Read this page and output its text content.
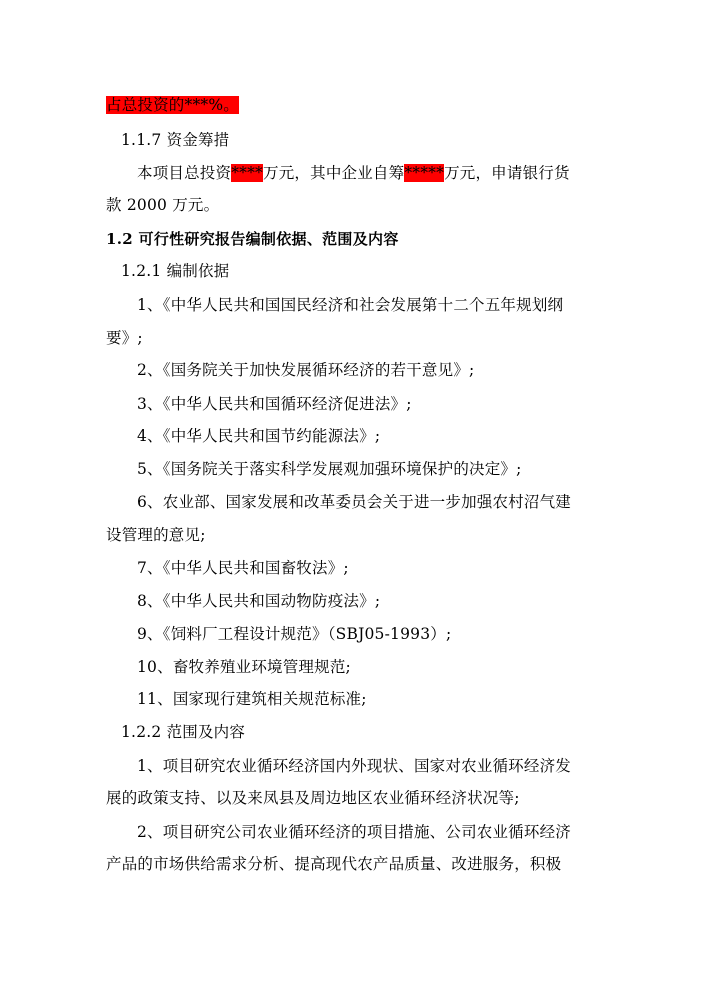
占总投资的***%。
1.1.7 资金筹措
本项目总投资****万元，其中企业自筹*****万元，申请银行货
款 2000 万元。
1.2 可行性研究报告编制依据、范围及内容
1.2.1 编制依据
1、《中华人民共和国国民经济和社会发展第十二个五年规划纲
要》;
2、《国务院关于加快发展循环经济的若干意见》;
3、《中华人民共和国循环经济促进法》;
4、《中华人民共和国节约能源法》;
5、《国务院关于落实科学发展观加强环境保护的决定》;
6、农业部、国家发展和改革委员会关于进一步加强农村沼气建
设管理的意见;
7、《中华人民共和国畜牧法》;
8、《中华人民共和国动物防疫法》;
9、《饲料厂工程设计规范》（SBJ05-1993）;
10、畜牧养殖业环境管理规范;
11、国家现行建筑相关规范标准;
1.2.2 范围及内容
1、项目研究农业循环经济国内外现状、国家对农业循环经济发
展的政策支持、以及来凤县及周边地区农业循环经济状况等;
2、项目研究公司农业循环经济的项目措施、公司农业循环经济
产品的市场供给需求分析、提高现代农产品质量、改进服务，积极
